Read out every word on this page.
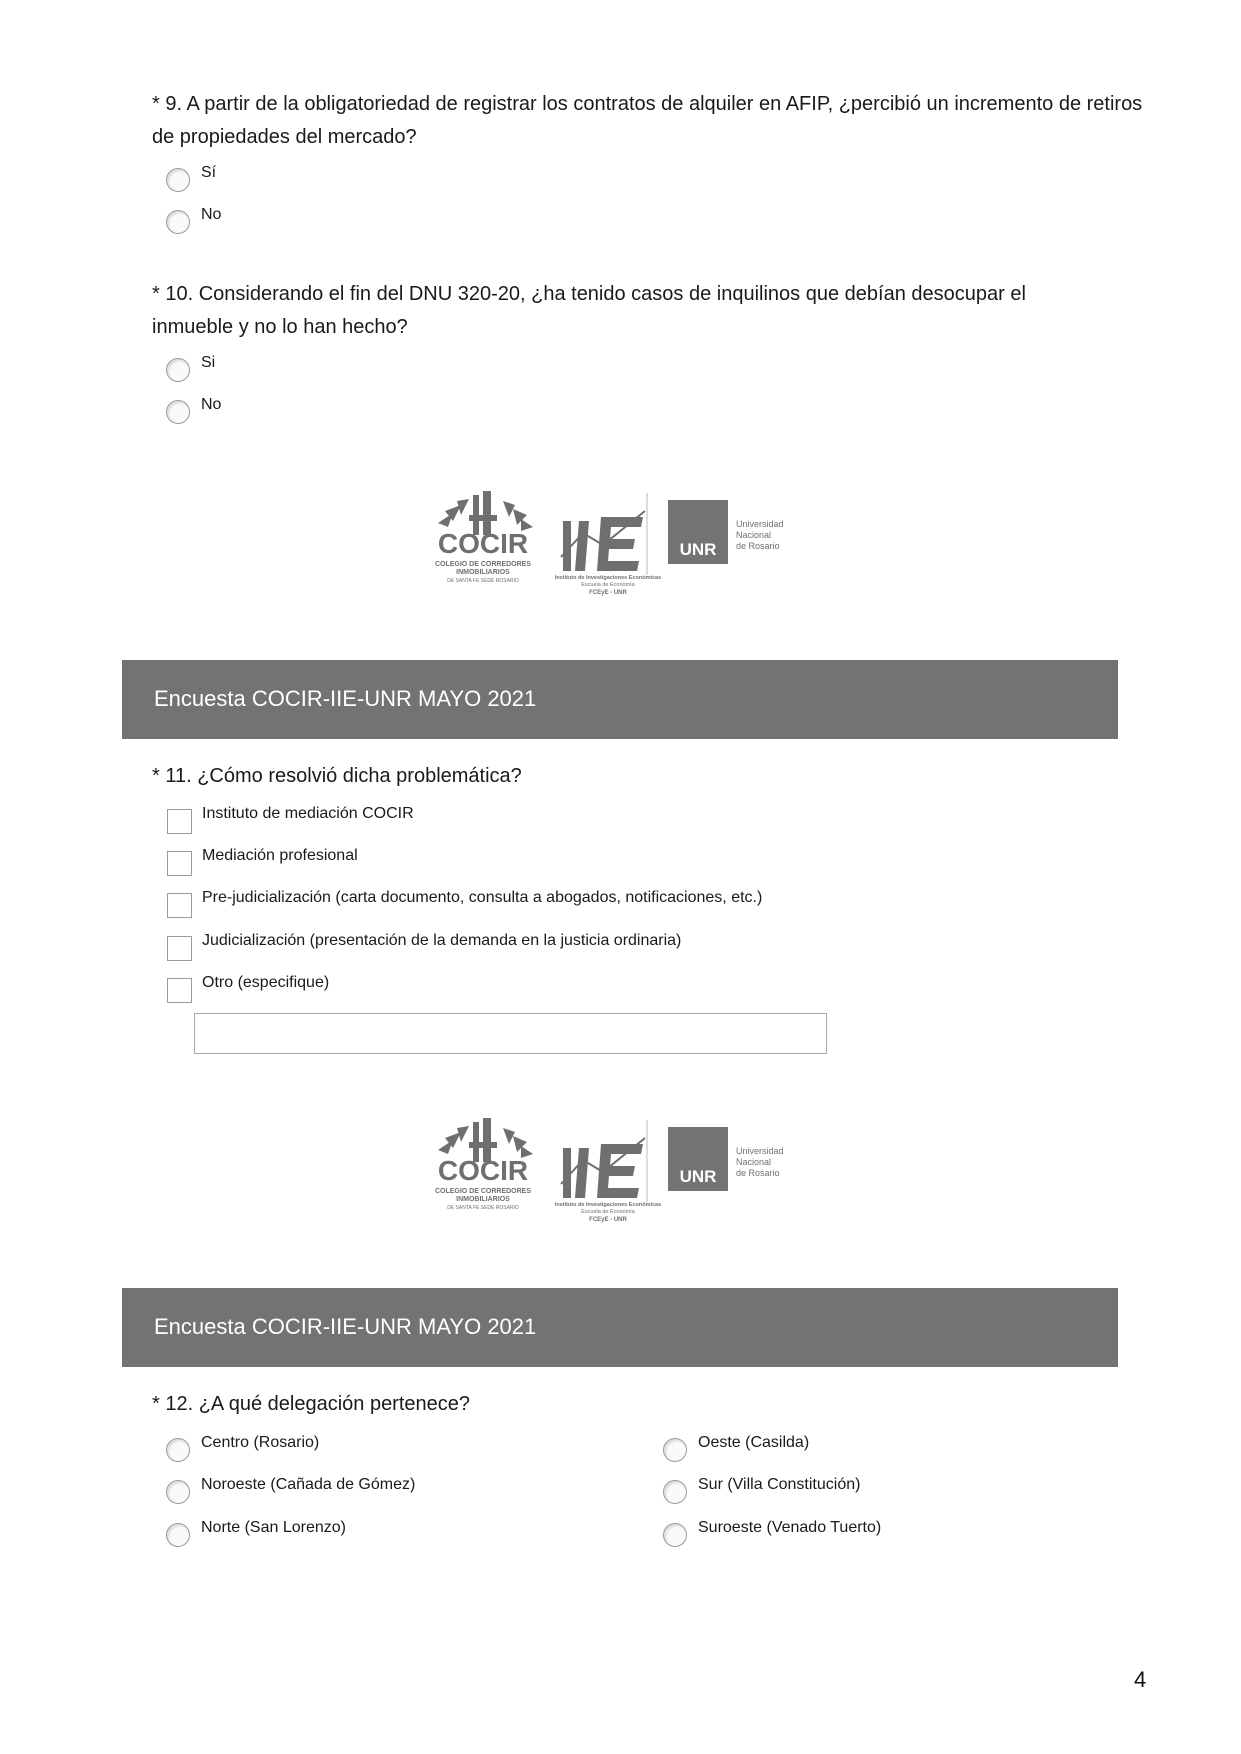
* 9. A partir de la obligatoriedad de registrar los contratos de alquiler en AFIP, ¿percibió un incremento de retiros de propiedades del mercado?
Sí
No
* 10. Considerando el fin del DNU 320-20, ¿ha tenido casos de inquilinos que debían desocupar el inmueble y no lo han hecho?
Si
No
COCIR
COLEGIO DE CORREDORES
INMOBILIARIOS
DE SANTA FE SEDE ROSARIO	Instituto de Investigaciones Económicas
Escuela de Economía
FCEyE - UNR
UNR
Universidad
Nacional
de Rosario
Encuesta COCIR-IIE-UNR MAYO 2021
* 11. ¿Cómo resolvió dicha problemática?
Instituto de mediación COCIR
Mediación profesional
Pre-judicialización (carta documento, consulta a abogados, notificaciones, etc.)
Judicialización (presentación de la demanda en la justicia ordinaria)
Otro (especifique)
COCIR
COLEGIO DE CORREDORES
INMOBILIARIOS
DE SANTA FE SEDE ROSARIO	Instituto de Investigaciones Económicas
Escuela de Economía
FCEyE - UNR
UNR
Universidad
Nacional
de Rosario
Encuesta COCIR-IIE-UNR MAYO 2021
* 12. ¿A qué delegación pertenece?
Centro (Rosario)
Noroeste (Cañada de Gómez)
Norte (San Lorenzo)
Oeste (Casilda)
Sur (Villa Constitución)
Suroeste (Venado Tuerto)
4
